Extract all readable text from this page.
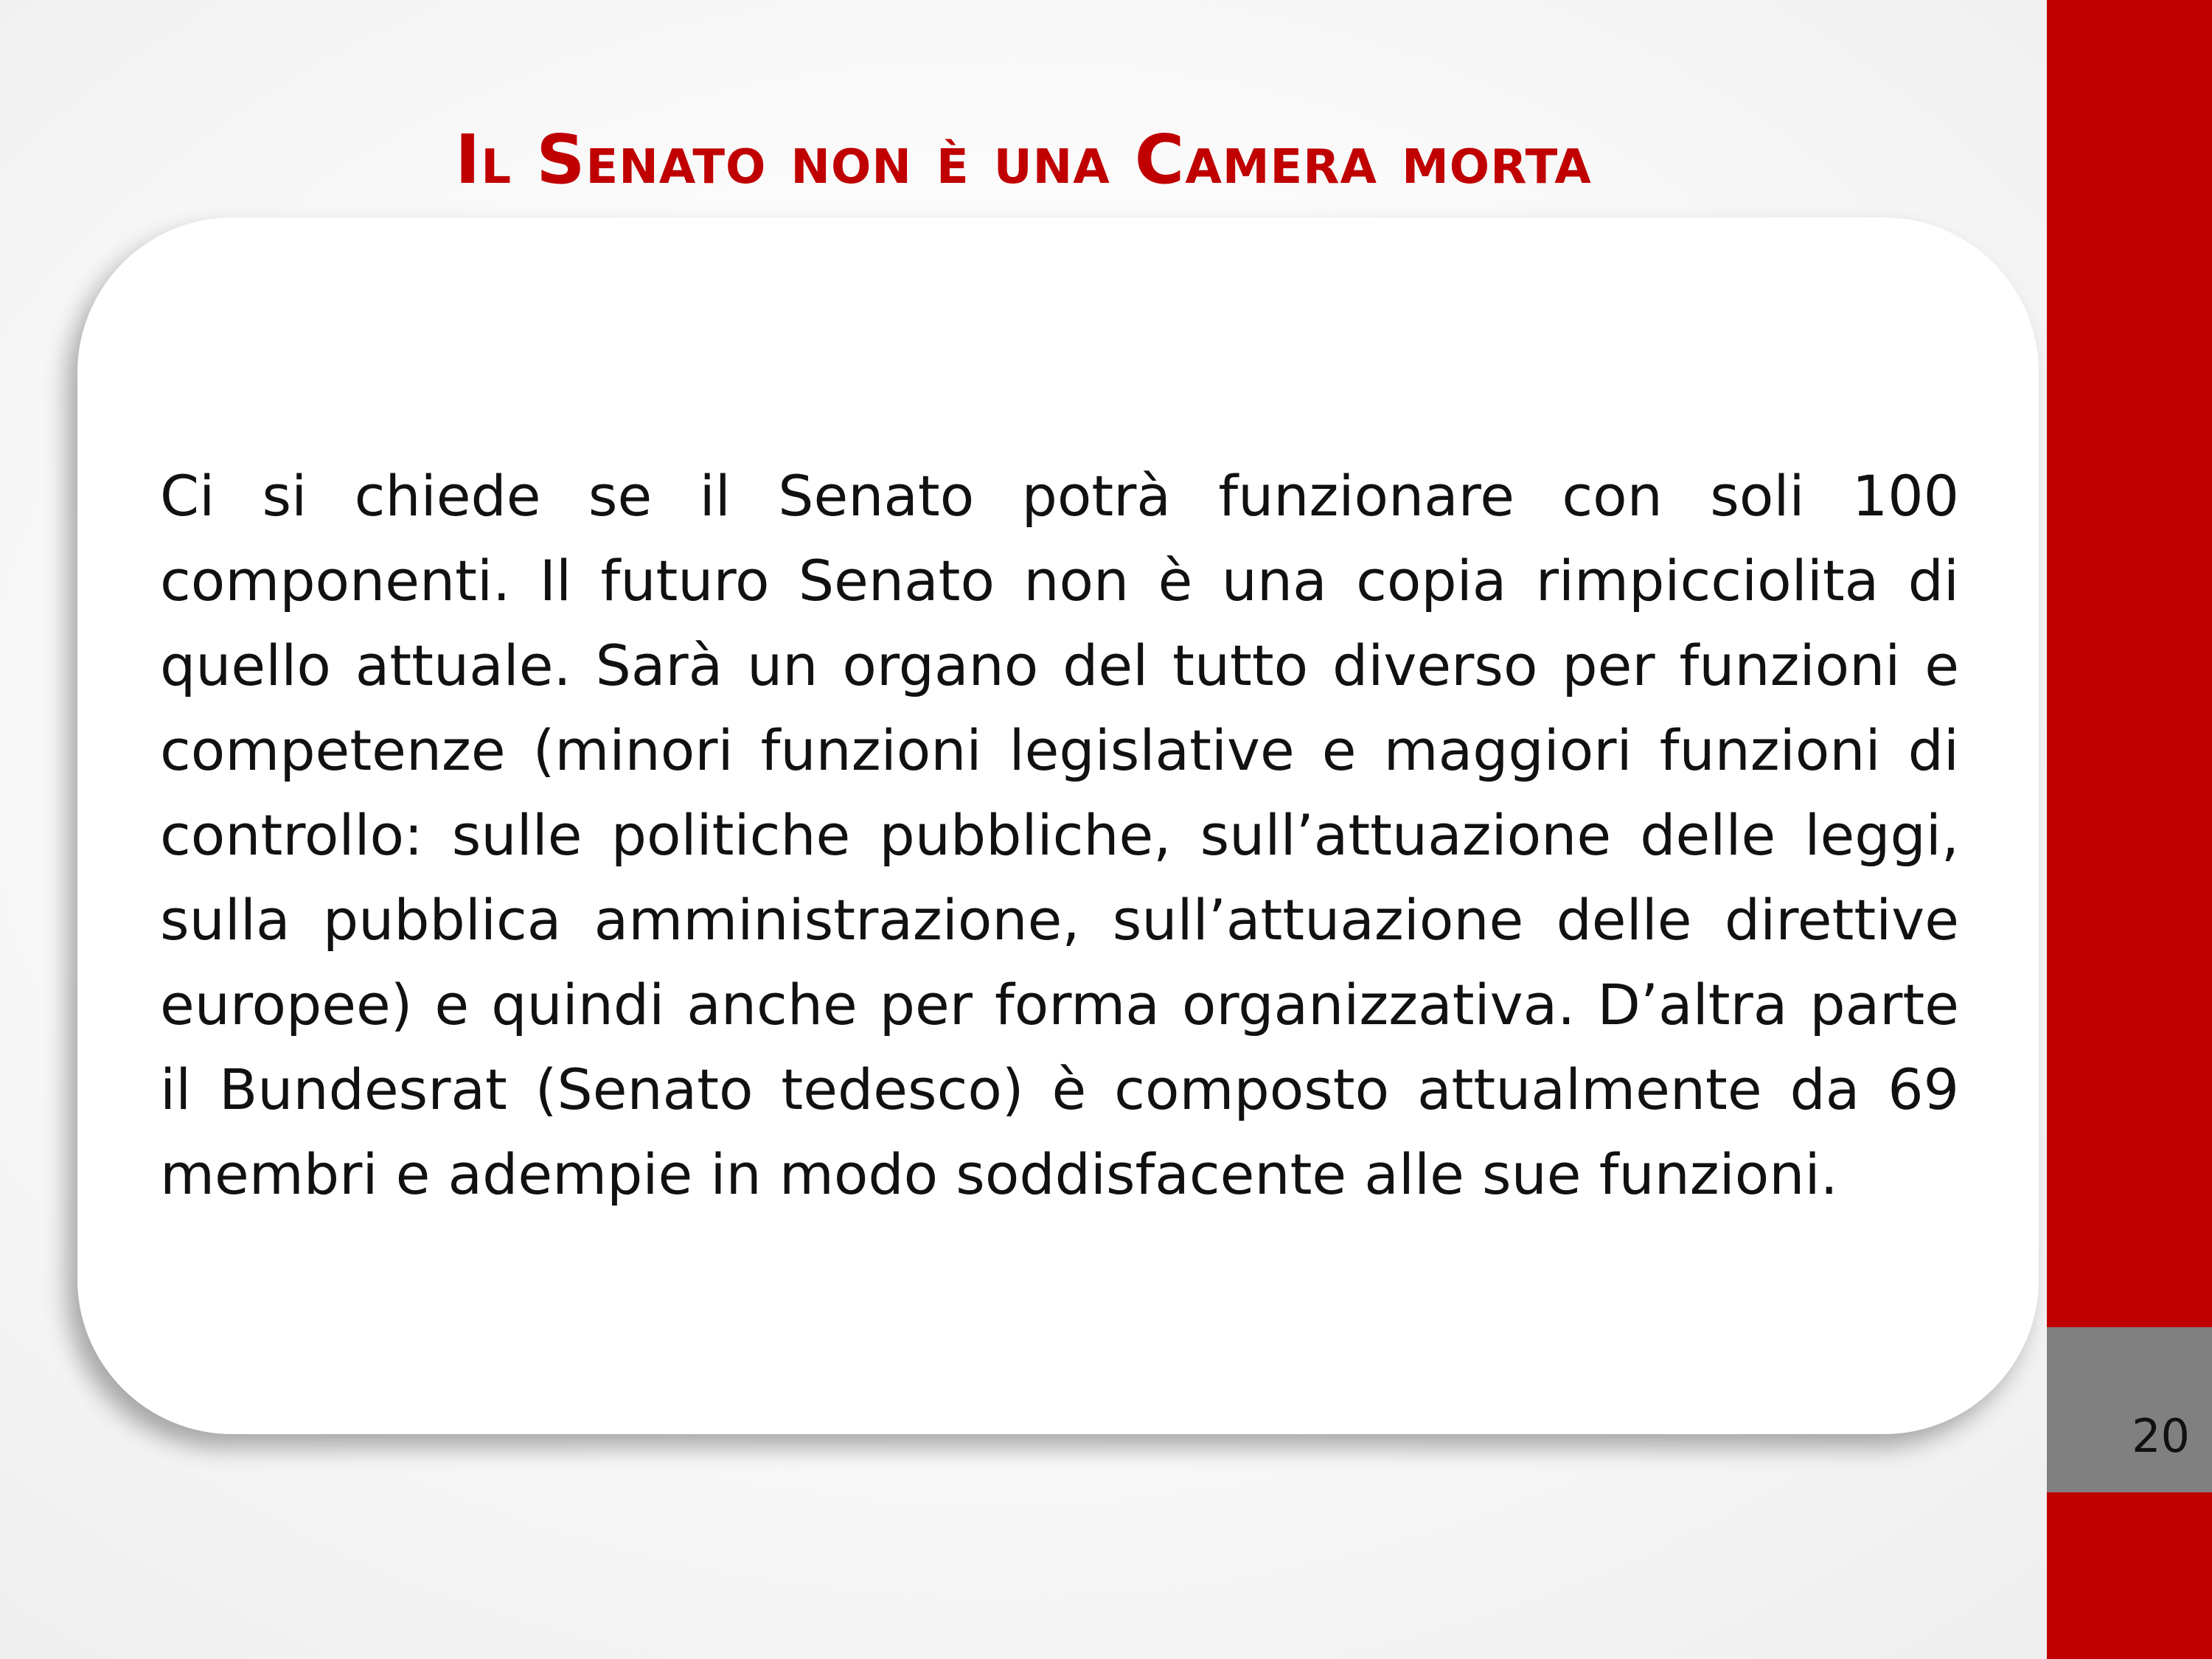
20
Il Senato non è una Camera morta

Ci si chiede se il Senato potrà funzionare con soli 100 componenti. Il futuro Senato non è una copia rimpicciolita di quello attuale. Sarà un organo del tutto diverso per funzioni e competenze (minori funzioni legislative e maggiori funzioni di controllo: sulle politiche pubbliche, sull’attuazione delle leggi, sulla pubblica amministrazione, sull’attuazione delle direttive europee) e quindi anche per forma organizzativa. D’altra parte il Bundesrat (Senato tedesco) è composto attualmente da 69 membri e adempie in modo soddisfacente alle sue funzioni.
